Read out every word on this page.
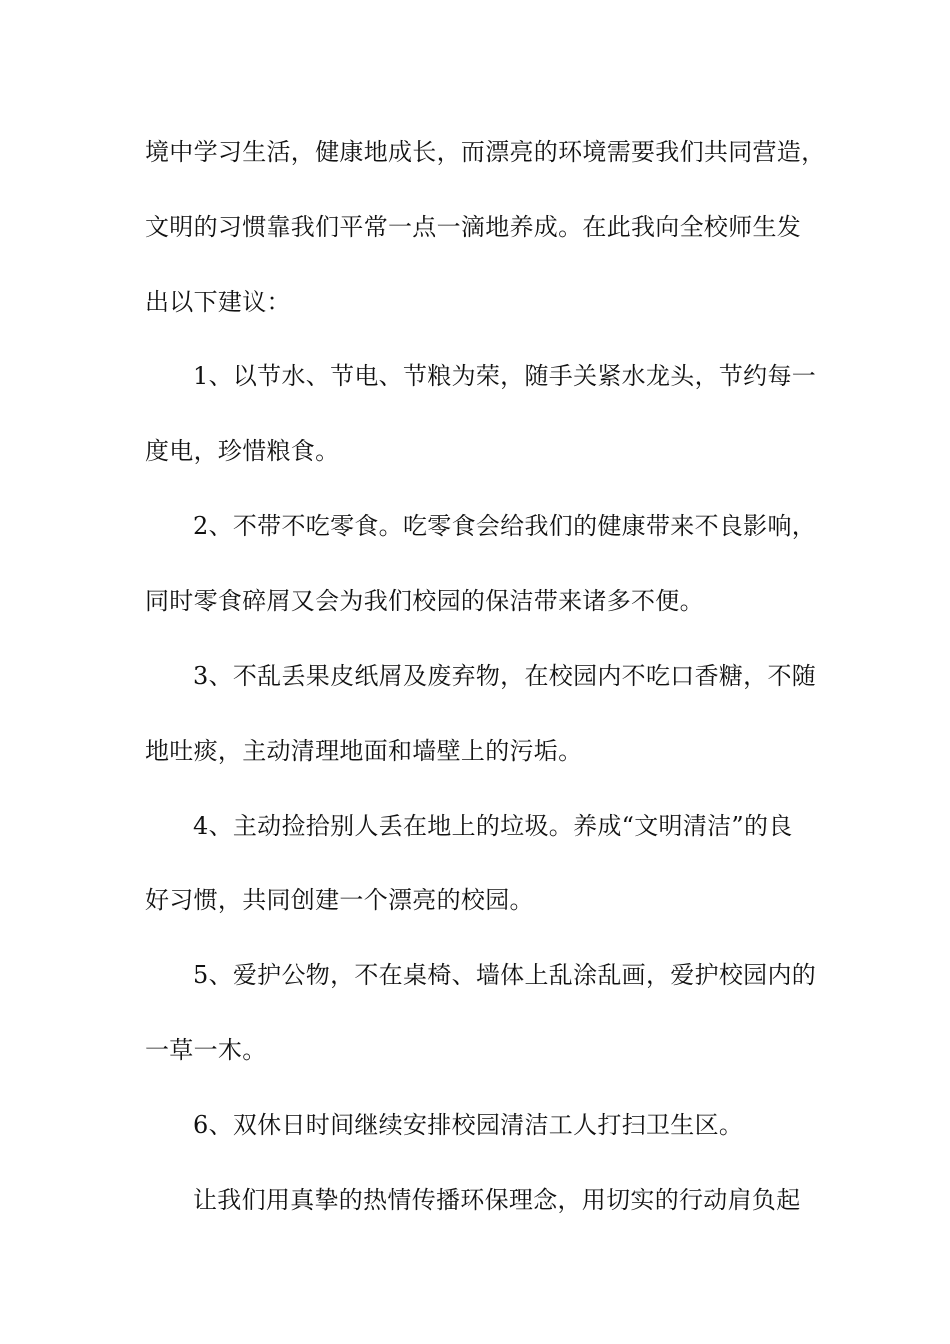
境中学习生活，健康地成长，而漂亮的环境需要我们共同营造，
文明的习惯靠我们平常一点一滴地养成。在此我向全校师生发
出以下建议：
1、以节水、节电、节粮为荣，随手关紧水龙头，节约每一
度电，珍惜粮食。
2、不带不吃零食。吃零食会给我们的健康带来不良影响，
同时零食碎屑又会为我们校园的保洁带来诸多不便。
3、不乱丢果皮纸屑及废弃物，在校园内不吃口香糖，不随
地吐痰，主动清理地面和墙壁上的污垢。
4、主动捡拾别人丢在地上的垃圾。养成“文明清洁”的良
好习惯，共同创建一个漂亮的校园。
5、爱护公物，不在桌椅、墙体上乱涂乱画，爱护校园内的
一草一木。
6、双休日时间继续安排校园清洁工人打扫卫生区。
让我们用真挚的热情传播环保理念，用切实的行动肩负起
